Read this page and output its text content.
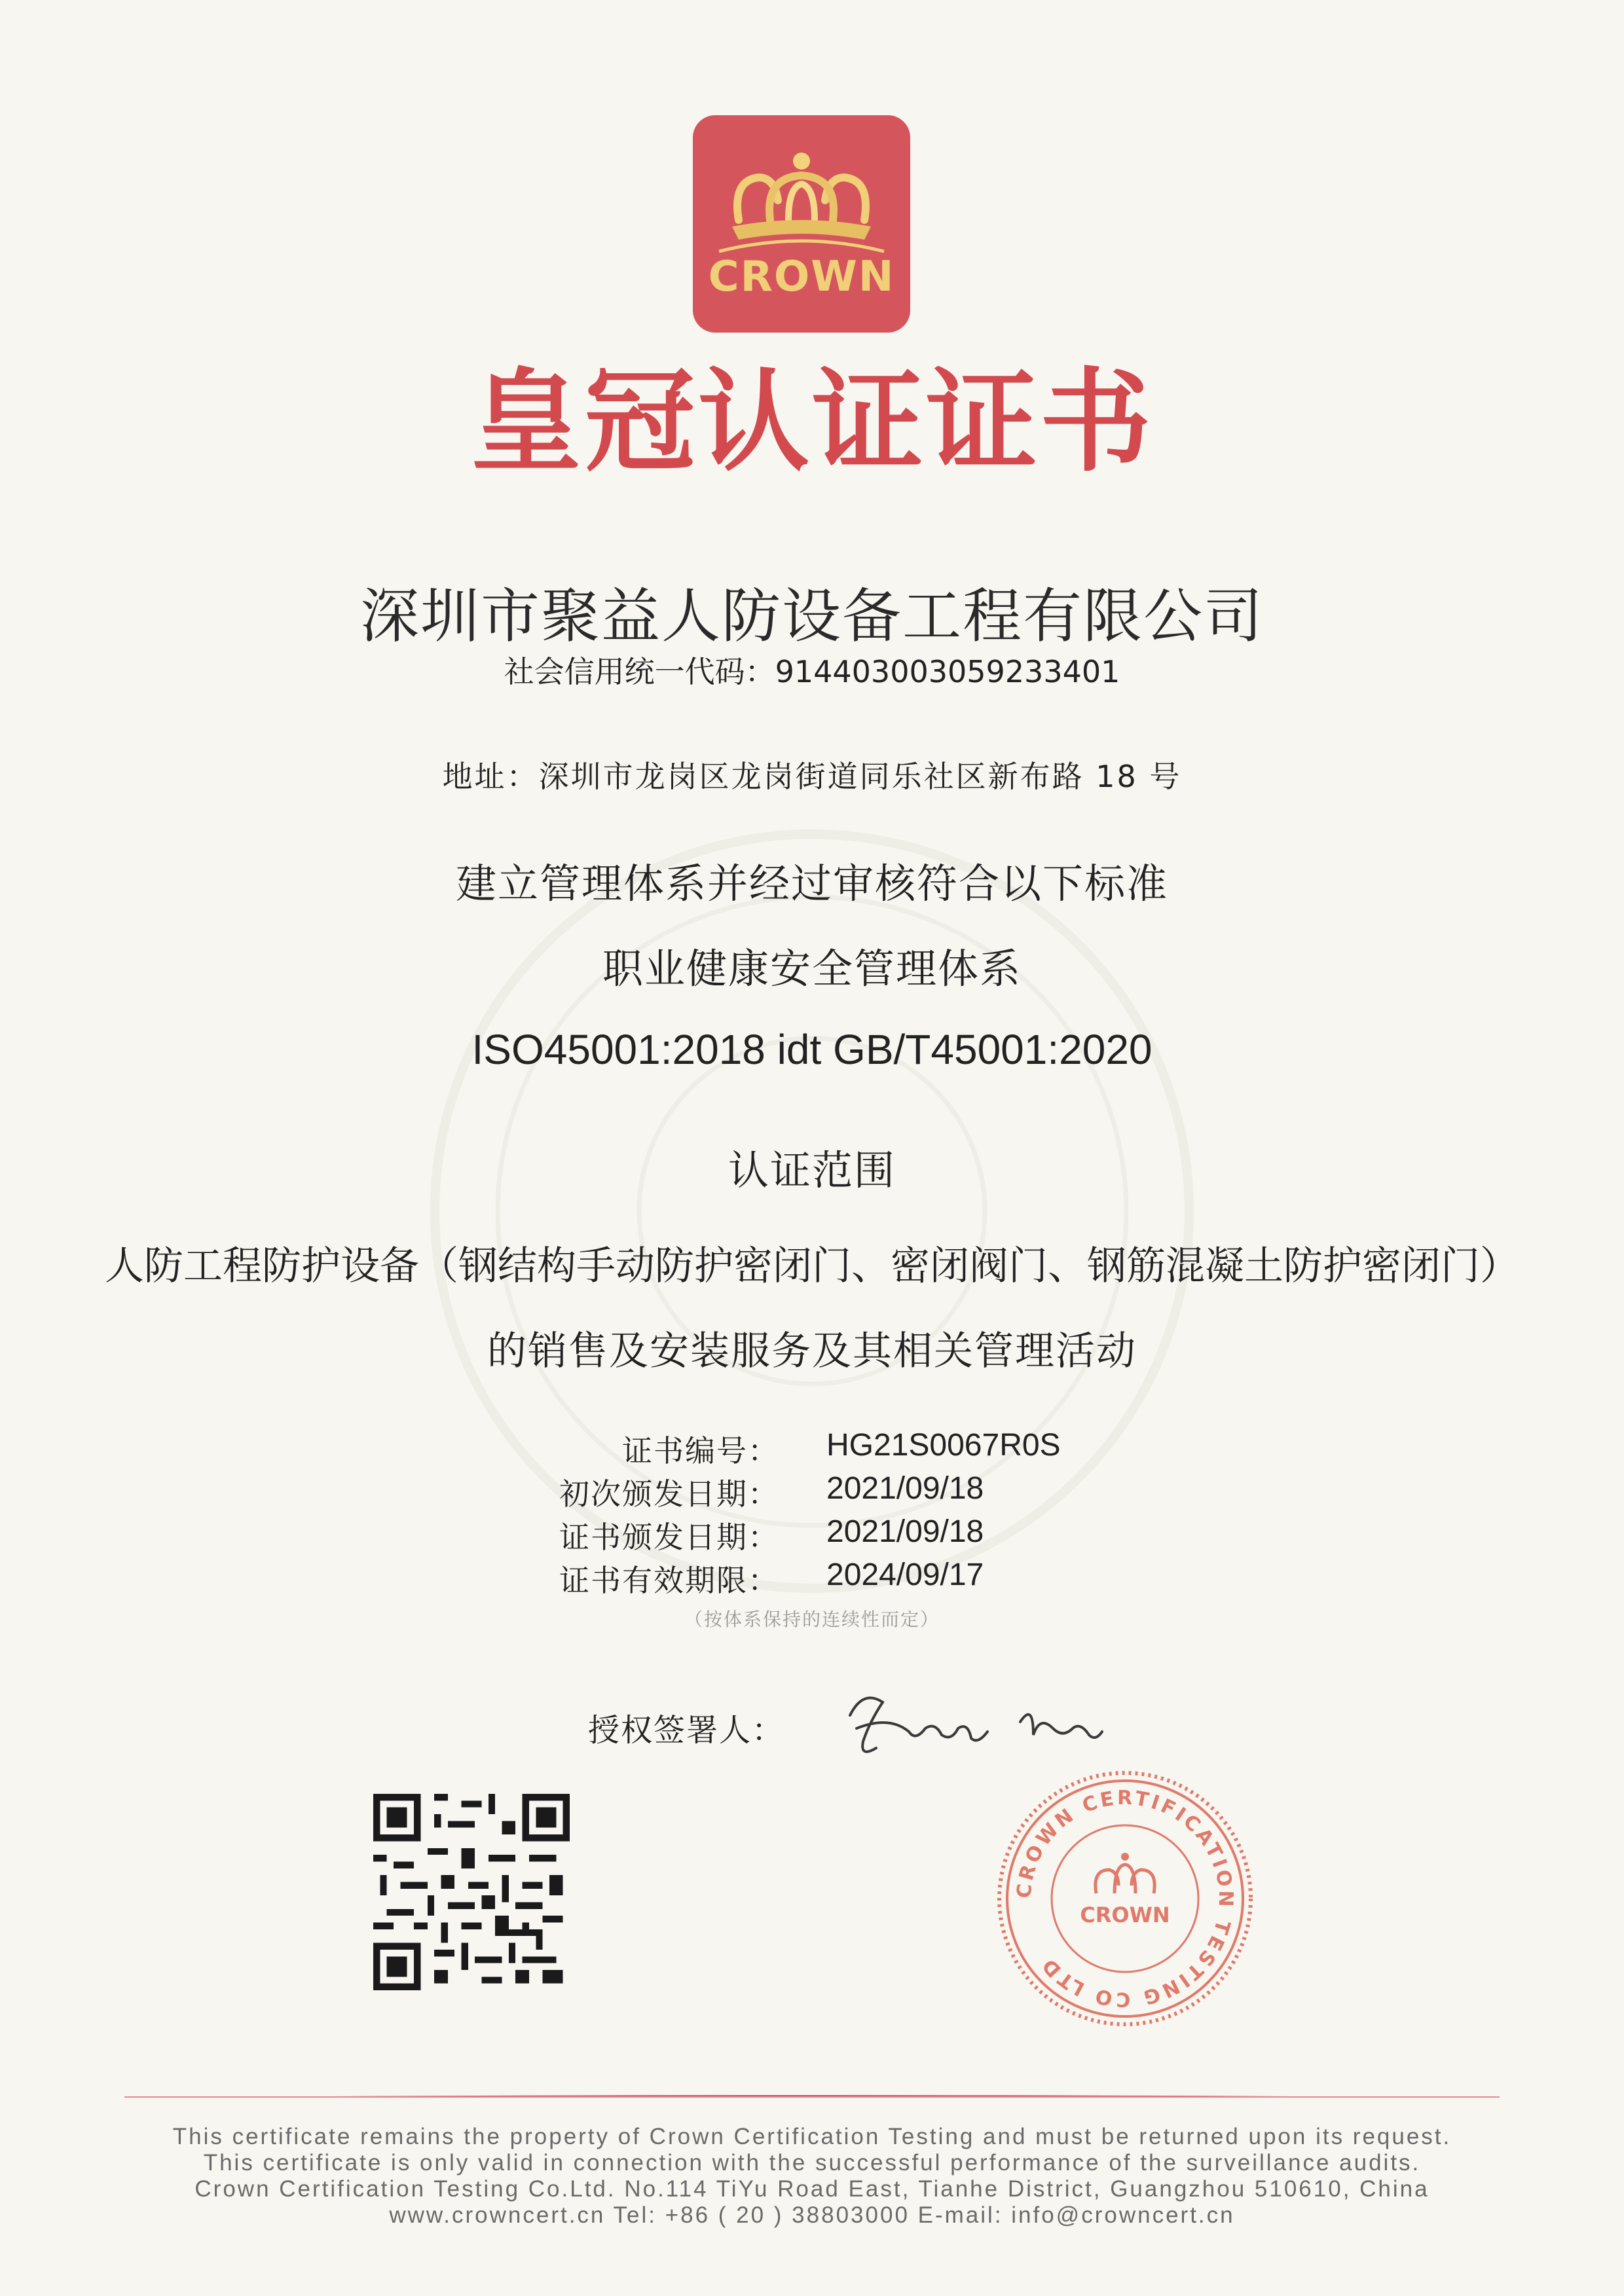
CROWN
皇冠认证证书
深圳市聚益人防设备工程有限公司
社会信用统一代码：914403003059233401
地址：深圳市龙岗区龙岗街道同乐社区新布路 18 号
建立管理体系并经过审核符合以下标准
职业健康安全管理体系
ISO45001:2018 idt GB/T45001:2020
认证范围
人防工程防护设备（钢结构手动防护密闭门、密闭阀门、钢筋混凝土防护密闭门）
的销售及安装服务及其相关管理活动
证书编号： HG21S0067R0S
初次颁发日期： 2021/09/18
证书颁发日期： 2021/09/18
证书有效期限： 2024/09/17
（按体系保持的连续性而定）
授权签署人：
CROWN CERTIFICATION TESTING CO LTD
CROWN
This certificate remains the property of Crown Certification Testing and must be returned upon its request.
This certificate is only valid in connection with the successful performance of the surveillance audits.
Crown Certification Testing Co.Ltd. No.114 TiYu Road East, Tianhe District, Guangzhou 510610, China
www.crowncert.cn Tel: +86 ( 20 ) 38803000 E-mail: info@crowncert.cn
